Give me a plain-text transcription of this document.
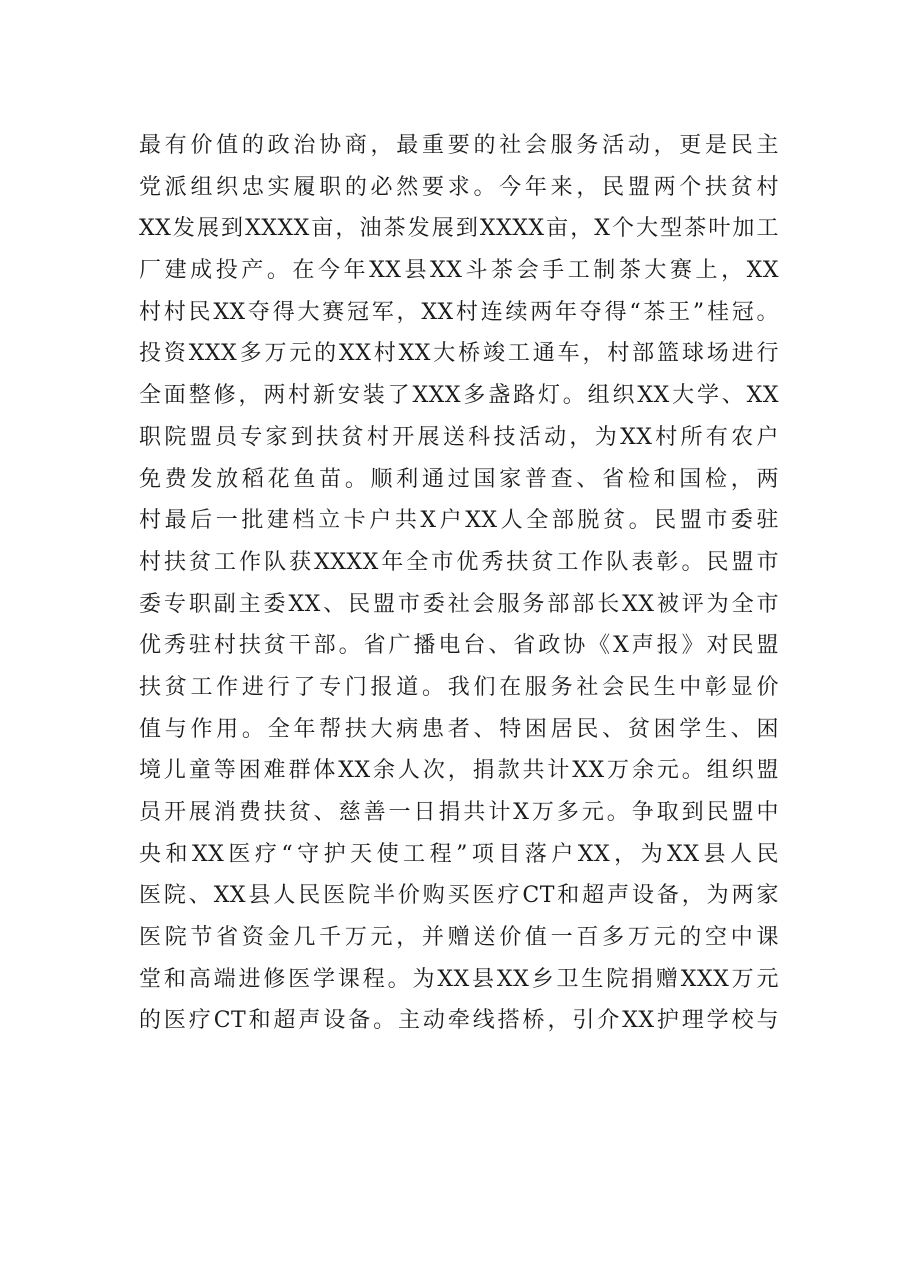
最有价值的政治协商，最重要的社会服务活动，更是民主
党派组织忠实履职的必然要求。今年来，民盟两个扶贫村
XX发展到XXXX亩，油茶发展到XXXX亩，X个大型茶叶加工
厂建成投产。在今年XX县XX斗茶会手工制茶大赛上，XX
村村民XX夺得大赛冠军，XX村连续两年夺得“茶王”桂冠。
投资XXX多万元的XX村XX大桥竣工通车，村部篮球场进行
全面整修，两村新安装了XXX多盏路灯。组织XX大学、XX
职院盟员专家到扶贫村开展送科技活动，为XX村所有农户
免费发放稻花鱼苗。顺利通过国家普查、省检和国检，两
村最后一批建档立卡户共X户XX人全部脱贫。民盟市委驻
村扶贫工作队获XXXX年全市优秀扶贫工作队表彰。民盟市
委专职副主委XX、民盟市委社会服务部部长XX被评为全市
优秀驻村扶贫干部。省广播电台、省政协《X声报》对民盟
扶贫工作进行了专门报道。我们在服务社会民生中彰显价
值与作用。全年帮扶大病患者、特困居民、贫困学生、困
境儿童等困难群体XX余人次，捐款共计XX万余元。组织盟
员开展消费扶贫、慈善一日捐共计X万多元。争取到民盟中
央和XX医疗“守护天使工程”项目落户XX，为XX县人民
医院、XX县人民医院半价购买医疗CT和超声设备，为两家
医院节省资金几千万元，并赠送价值一百多万元的空中课
堂和高端进修医学课程。为XX县XX乡卫生院捐赠XXX万元
的医疗CT和超声设备。主动牵线搭桥，引介XX护理学校与
